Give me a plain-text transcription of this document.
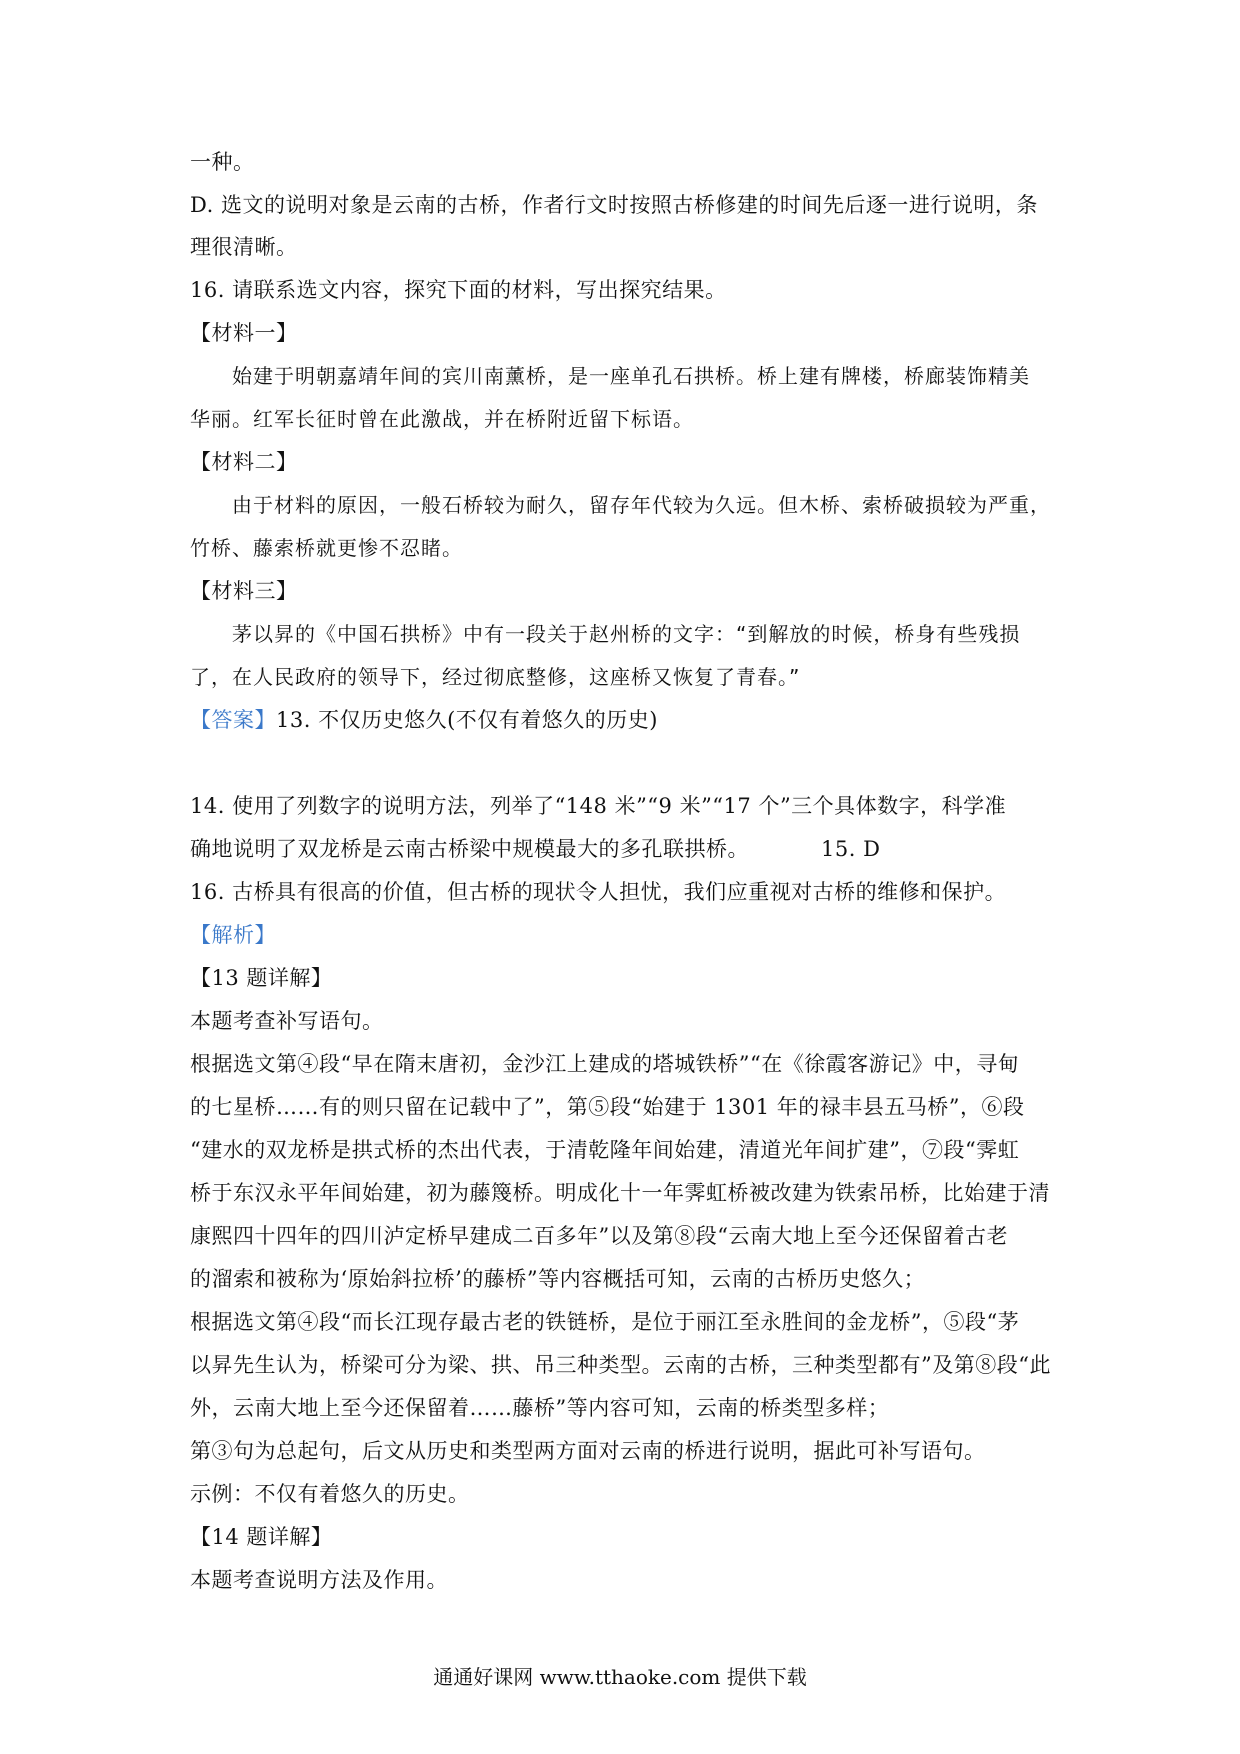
一种。
D. 选文的说明对象是云南的古桥，作者行文时按照古桥修建的时间先后逐一进行说明，条
理很清晰。
16. 请联系选文内容，探究下面的材料，写出探究结果。
【材料一】
始建于明朝嘉靖年间的宾川南薰桥，是一座单孔石拱桥。桥上建有牌楼，桥廊装饰精美
华丽。红军长征时曾在此激战，并在桥附近留下标语。
【材料二】
由于材料的原因，一般石桥较为耐久，留存年代较为久远。但木桥、索桥破损较为严重，
竹桥、藤索桥就更惨不忍睹。
【材料三】
茅以昇的《中国石拱桥》中有一段关于赵州桥的文字：“到解放的时候，桥身有些残损
了，在人民政府的领导下，经过彻底整修，这座桥又恢复了青春。”
【答案】13. 不仅历史悠久(不仅有着悠久的历史)
14. 使用了列数字的说明方法，列举了“148 米”“9 米”“17 个”三个具体数字，科学准
确地说明了双龙桥是云南古桥梁中规模最大的多孔联拱桥。	15. D
16. 古桥具有很高的价值，但古桥的现状令人担忧，我们应重视对古桥的维修和保护。
【解析】
【13 题详解】
本题考查补写语句。
根据选文第④段“早在隋末唐初，金沙江上建成的塔城铁桥”“在《徐霞客游记》中，寻甸
的七星桥……有的则只留在记载中了”，第⑤段“始建于 1301 年的禄丰县五马桥”，⑥段
“建水的双龙桥是拱式桥的杰出代表，于清乾隆年间始建，清道光年间扩建”，⑦段“霁虹
桥于东汉永平年间始建，初为藤篾桥。明成化十一年霁虹桥被改建为铁索吊桥，比始建于清
康熙四十四年的四川泸定桥早建成二百多年”以及第⑧段“云南大地上至今还保留着古老
的溜索和被称为‘原始斜拉桥’的藤桥”等内容概括可知，云南的古桥历史悠久；
根据选文第④段“而长江现存最古老的铁链桥，是位于丽江至永胜间的金龙桥”，⑤段“茅
以昇先生认为，桥梁可分为梁、拱、吊三种类型。云南的古桥，三种类型都有”及第⑧段“此
外，云南大地上至今还保留着……藤桥”等内容可知，云南的桥类型多样；
第③句为总起句，后文从历史和类型两方面对云南的桥进行说明，据此可补写语句。
示例：不仅有着悠久的历史。
【14 题详解】
本题考查说明方法及作用。
通通好课网 www.tthaoke.com 提供下载
